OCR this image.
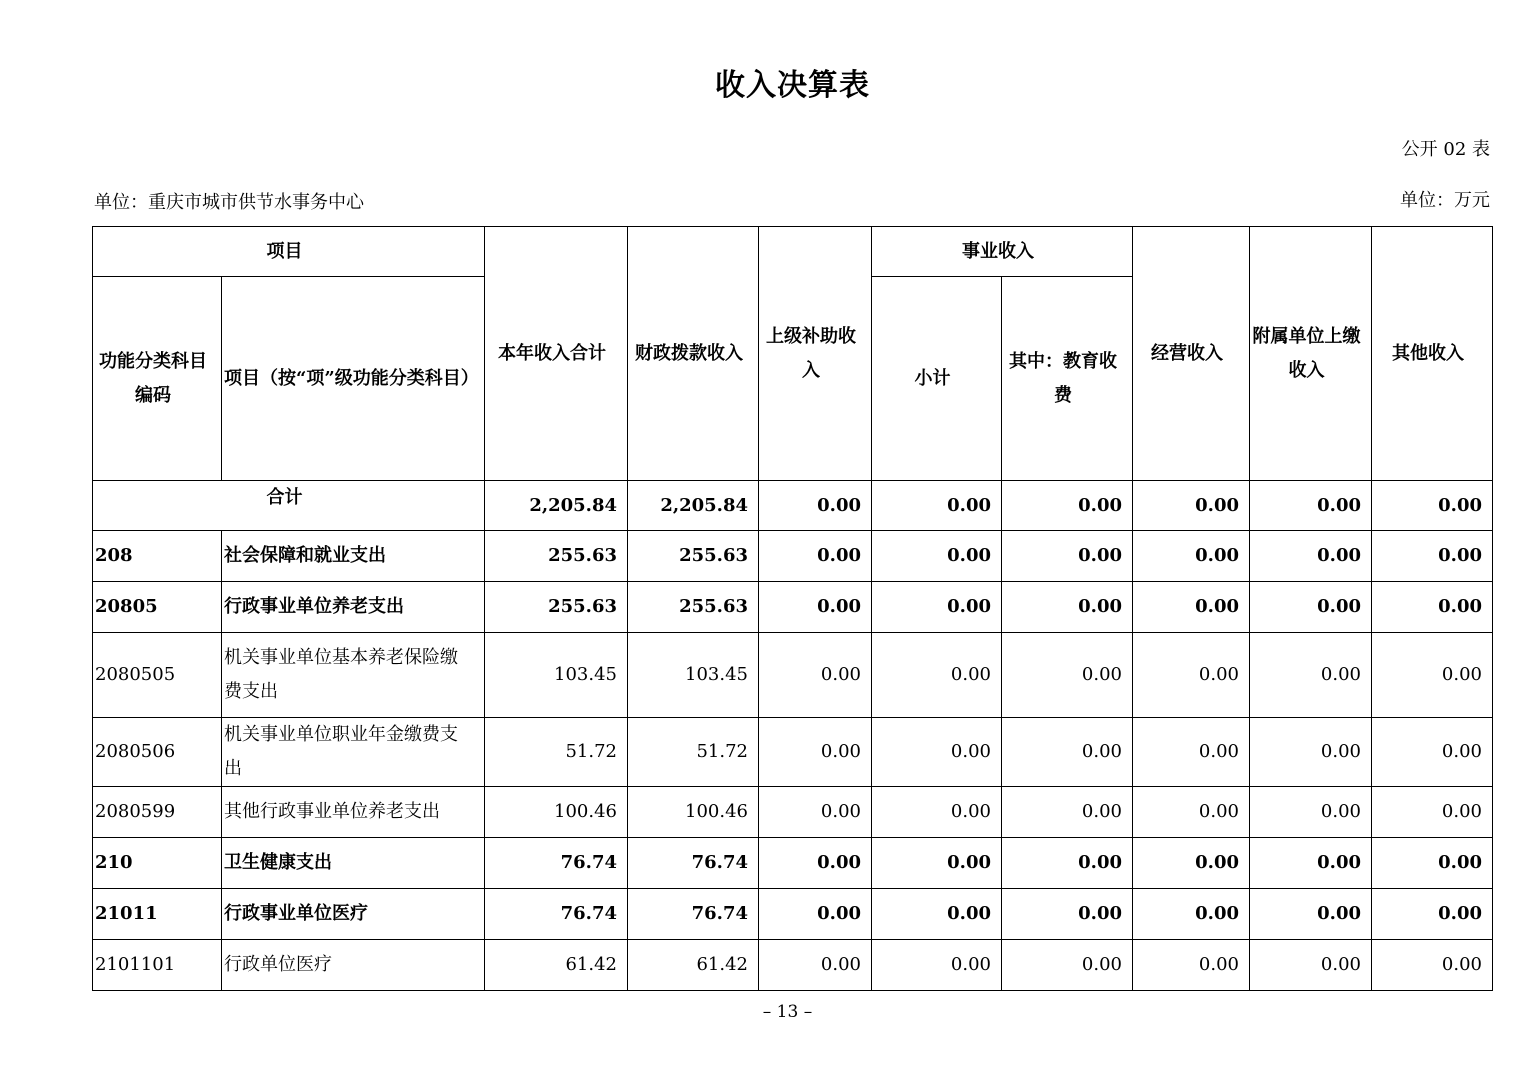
收入决算表
公开 02 表
单位：重庆市城市供节水事务中心	单位：万元
项目		本年收入合计	财政拨款收入	上级补助收入	事业收入		经营收入	附属单位上缴收入	其他收入
功能分类科目编码	项目（按“项”级功能分类科目）				小计	其中：教育收费			
合计		2,205.84	2,205.84	0.00	0.00	0.00	0.00	0.00	0.00
208	社会保障和就业支出	255.63	255.63	0.00	0.00	0.00	0.00	0.00	0.00
20805	行政事业单位养老支出	255.63	255.63	0.00	0.00	0.00	0.00	0.00	0.00
2080505	机关事业单位基本养老保险缴费支出	103.45	103.45	0.00	0.00	0.00	0.00	0.00	0.00
2080506	机关事业单位职业年金缴费支出	51.72	51.72	0.00	0.00	0.00	0.00	0.00	0.00
2080599	其他行政事业单位养老支出	100.46	100.46	0.00	0.00	0.00	0.00	0.00	0.00
210	卫生健康支出	76.74	76.74	0.00	0.00	0.00	0.00	0.00	0.00
21011	行政事业单位医疗	76.74	76.74	0.00	0.00	0.00	0.00	0.00	0.00
2101101	行政单位医疗	61.42	61.42	0.00	0.00	0.00	0.00	0.00	0.00
– 13 –
